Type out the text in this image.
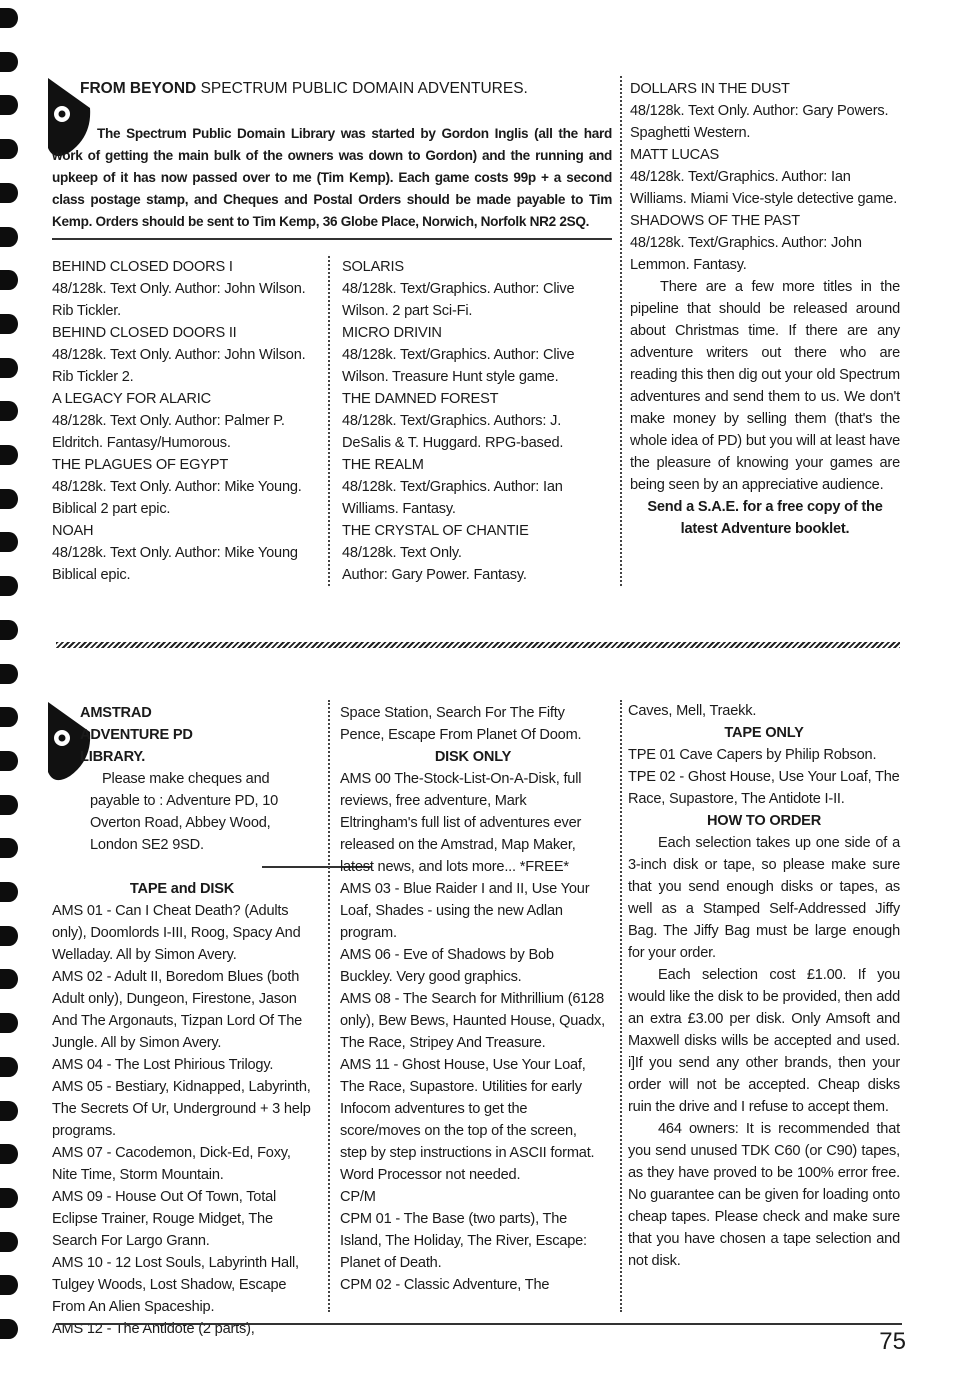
FROM BEYOND SPECTRUM PUBLIC DOMAIN ADVENTURES.
The Spectrum Public Domain Library was started by Gordon Inglis (all the hard work of getting the main bulk of the owners was down to Gordon) and the running and upkeep of it has now passed over to me (Tim Kemp). Each game costs 99p + a second class postage stamp, and Cheques and Postal Orders should be made payable to Tim Kemp. Orders should be sent to Tim Kemp, 36 Globe Place, Norwich, Norfolk NR2 2SQ.

BEHIND CLOSED DOORS I

48/128k. Text Only. Author: John Wilson. Rib Tickler.

BEHIND CLOSED DOORS II

48/128k. Text Only. Author: John Wilson. Rib Tickler 2.

A LEGACY FOR ALARIC

48/128k. Text Only. Author: Palmer P. Eldritch. Fantasy/Humorous.

THE PLAGUES OF EGYPT

48/128k. Text Only. Author: Mike Young. Biblical 2 part epic.

NOAH

48/128k. Text Only. Author: Mike Young Biblical epic.

SOLARIS

48/128k. Text/Graphics. Author: Clive Wilson. 2 part Sci-Fi.

MICRO DRIVIN

48/128k. Text/Graphics. Author: Clive Wilson. Treasure Hunt style game.

THE DAMNED FOREST

48/128k. Text/Graphics. Authors: J. DeSalis & T. Huggard. RPG-based.

THE REALM

48/128k. Text/Graphics. Author: Ian Williams. Fantasy.

THE CRYSTAL OF CHANTIE

48/128k. Text Only.

Author: Gary Power. Fantasy.

DOLLARS IN THE DUST

48/128k. Text Only. Author: Gary Powers. Spaghetti Western.

MATT LUCAS

48/128k. Text/Graphics. Author: Ian Williams. Miami Vice-style detective game.

SHADOWS OF THE PAST

48/128k. Text/Graphics. Author: John Lemmon. Fantasy.

There are a few more titles in the pipeline that should be released around about Christmas time. If there are any adventure writers out there who are reading this then dig out your old Spectrum adventures and send them to us. We don't make money by selling them (that's the whole idea of PD) but you will at least have the pleasure of knowing your games are being seen by an appreciative audience.

Send a S.A.E. for a free copy of the latest Adventure booklet.

AMSTRAD ADVENTURE PD LIBRARY.

Please make cheques and payable to : Adventure PD, 10 Overton Road, Abbey Wood, London SE2 9SD.

TAPE and DISK

AMS 01 - Can I Cheat Death? (Adults only), Doomlords I-III, Roog, Spacy And Welladay. All by Simon Avery.

AMS 02 - Adult II, Boredom Blues (both Adult only), Dungeon, Firestone, Jason And The Argonauts, Tizpan Lord Of The Jungle. All by Simon Avery.

AMS 04 - The Lost Phirious Trilogy.

AMS 05 - Bestiary, Kidnapped, Labyrinth, The Secrets Of Ur, Underground + 3 help programs.

AMS 07 - Cacodemon, Dick-Ed, Foxy, Nite Time, Storm Mountain.

AMS 09 - House Out Of Town, Total Eclipse Trainer, Rouge Midget, The Search For Largo Grann.

AMS 10 - 12 Lost Souls, Labyrinth Hall, Tulgey Woods, Lost Shadow, Escape From An Alien Spaceship.

AMS 12 - The Antidote (2 parts),

Space Station, Search For The Fifty Pence, Escape From Planet Of Doom.

DISK ONLY

AMS 00 The-Stock-List-On-A-Disk, full reviews, free adventure, Mark Eltringham's full list of adventures ever released on the Amstrad, Map Maker, latest news, and lots more... *FREE*

AMS 03 - Blue Raider I and II, Use Your Loaf, Shades - using the new Adlan program.

AMS 06 - Eve of Shadows by Bob Buckley. Very good graphics.

AMS 08 - The Search for Mithrillium (6128 only), Bew Bews, Haunted House, Quadx, The Race, Stripey And Treasure.

AMS 11 - Ghost House, Use Your Loaf, The Race, Supastore. Utilities for early Infocom adventures to get the score/moves on the top of the screen, step by step instructions in ASCII format. Word Processor not needed.

CP/M

CPM 01 - The Base (two parts), The Island, The Holiday, The River, Escape: Planet of Death.

CPM 02 - Classic Adventure, The

Caves, Mell, Traekk.

TAPE ONLY

TPE 01 Cave Capers by Philip Robson.

TPE 02 - Ghost House, Use Your Loaf, The Race, Supastore, The Antidote I-II.

HOW TO ORDER

Each selection takes up one side of a 3-inch disk or tape, so please make sure that you send enough disks or tapes, as well as a Stamped Self-Addressed Jiffy Bag. The Jiffy Bag must be large enough for your order.

Each selection cost £1.00. If you would like the disk to be provided, then add an extra £3.00 per disk. Only Amsoft and Maxwell disks wills be accepted and used. i]If you send any other brands, then your order will not be accepted. Cheap disks ruin the drive and I refuse to accept them.

464 owners: It is recommended that you send unused TDK C60 (or C90) tapes, as they have proved to be 100% error free. No guarantee can be given for loading onto cheap tapes. Please check and make sure that you have chosen a tape selection and not disk.

75
